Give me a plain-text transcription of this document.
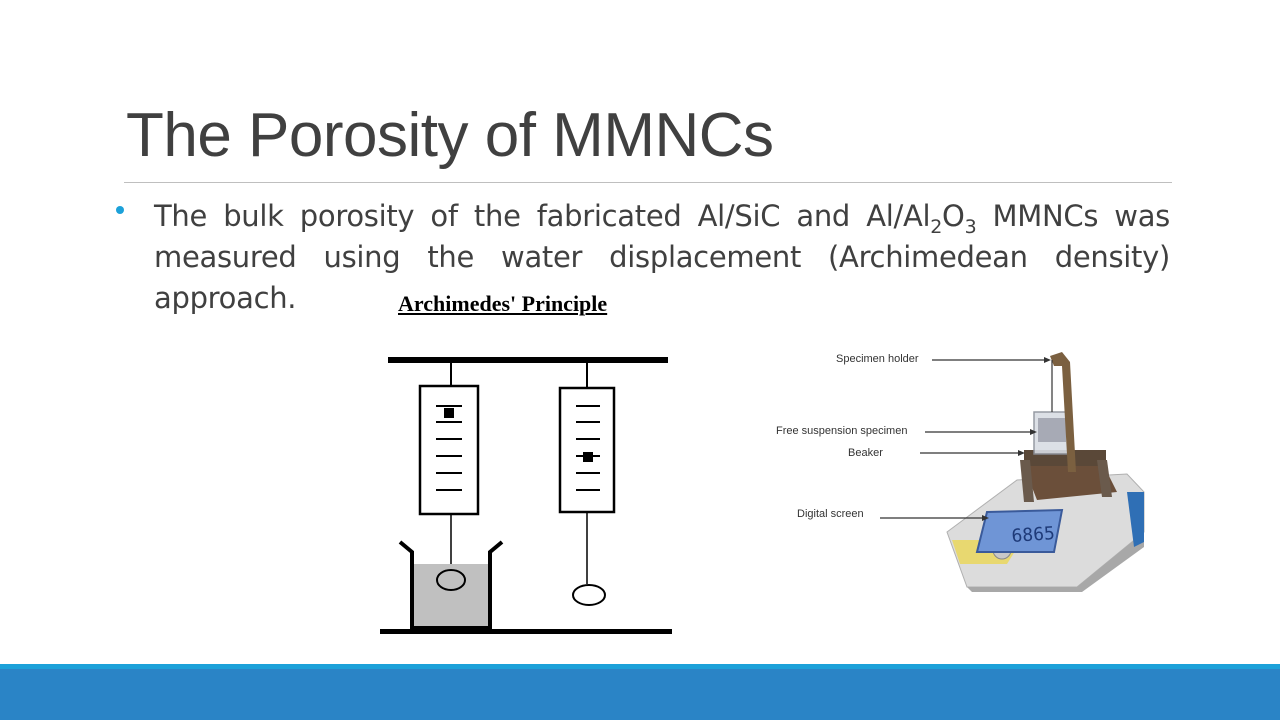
The Porosity of MMNCs
The bulk porosity of the fabricated Al/SiC and $Al/Al_2O_3$ MMNCs was measured using the water displacement (Archimedean density) approach.	Archimedes' Principle
6865
Specimen holder
Free suspension specimen
Beaker
Digital screen
